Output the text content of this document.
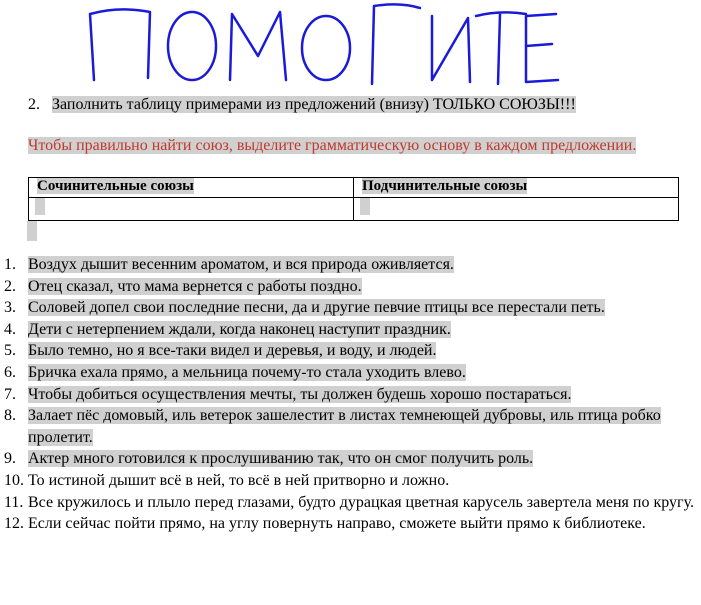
2. Заполнить таблицу примерами из предложений (внизу) ТОЛЬКО СОЮЗЫ!!!
Чтобы правильно найти союз, выделите грамматическую основу в каждом предложении.
Сочинительные союзы	Подчинительные союзы

1. Воздух дышит весенним ароматом, и вся природа оживляется.
2. Отец сказал, что мама вернется с работы поздно.
3. Соловей допел свои последние песни, да и другие певчие птицы все перестали петь.
4. Дети с нетерпением ждали, когда наконец наступит праздник.
5. Было темно, но я все-таки видел и деревья, и воду, и людей.
6. Бричка ехала прямо, а мельница почему-то стала уходить влево.
7. Чтобы добиться осуществления мечты, ты должен будешь хорошо постараться.
8. Залает пёс домовый, иль ветерок зашелестит в листах темнеющей дубровы, иль птица робко пролетит.
9. Актер много готовился к прослушиванию так, что он смог получить роль.
10. То истиной дышит всё в ней, то всё в ней притворно и ложно.
11. Все кружилось и плыло перед глазами, будто дурацкая цветная карусель завертела меня по кругу.
12. Если сейчас пойти прямо, на углу повернуть направо, сможете выйти прямо к библиотеке.
